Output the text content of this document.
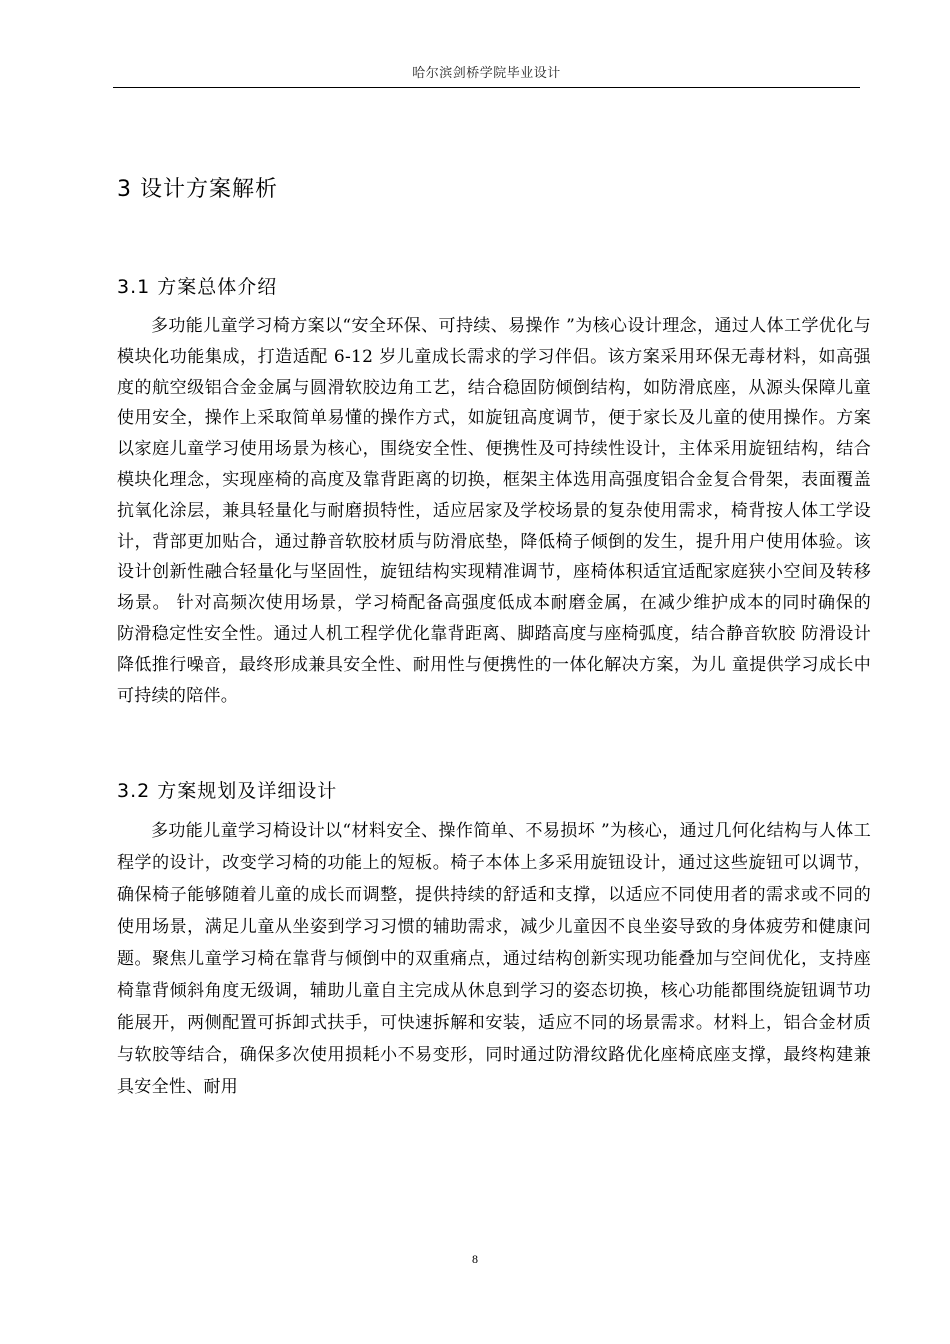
哈尔滨剑桥学院毕业设计
3 设计方案解析
3.1 方案总体介绍

多功能儿童学习椅方案以“安全环保、可持续、易操作 ”为核心设计理念，通过人体工学优化与模块化功能集成，打造适配 6-12 岁儿童成长需求的学习伴侣。该方案采用环保无毒材料，如高强度的航空级铝合金金属与圆滑软胶边角工艺，结合稳固防倾倒结构，如防滑底座，从源头保障儿童使用安全，操作上采取简单易懂的操作方式，如旋钮高度调节，便于家长及儿童的使用操作。方案以家庭儿童学习使用场景为核心，围绕安全性、便携性及可持续性设计，主体采用旋钮结构，结合模块化理念，实现座椅的高度及靠背距离的切换，框架主体选用高强度铝合金复合骨架，表面覆盖抗氧化涂层，兼具轻量化与耐磨损特性，适应居家及学校场景的复杂使用需求，椅背按人体工学设计，背部更加贴合，通过静音软胶材质与防滑底垫，降低椅子倾倒的发生，提升用户使用体验。该设计创新性融合轻量化与坚固性，旋钮结构实现精准调节，座椅体积适宜适配家庭狭小空间及转移场景。 针对高频次使用场景，学习椅配备高强度低成本耐磨金属，在减少维护成本的同时确保的 防滑稳定性安全性。通过人机工程学优化靠背距离、脚踏高度与座椅弧度，结合静音软胶 防滑设计降低推行噪音，最终形成兼具安全性、耐用性与便携性的一体化解决方案，为儿 童提供学习成长中可持续的陪伴。

3.2 方案规划及详细设计

多功能儿童学习椅设计以“材料安全、操作简单、不易损坏 ”为核心，通过几何化结构与人体工程学的设计，改变学习椅的功能上的短板。椅子本体上多采用旋钮设计，通过这些旋钮可以调节，确保椅子能够随着儿童的成长而调整，提供持续的舒适和支撑，以适应不同使用者的需求或不同的使用场景，满足儿童从坐姿到学习习惯的辅助需求，减少儿童因不良坐姿导致的身体疲劳和健康问题。聚焦儿童学习椅在靠背与倾倒中的双重痛点，通过结构创新实现功能叠加与空间优化，支持座椅靠背倾斜角度无级调，辅助儿童自主完成从休息到学习的姿态切换，核心功能都围绕旋钮调节功能展开，两侧配置可拆卸式扶手，可快速拆解和安装，适应不同的场景需求。材料上，铝合金材质与软胶等结合，确保多次使用损耗小不易变形，同时通过防滑纹路优化座椅底座支撑，最终构建兼具安全性、耐用

8
